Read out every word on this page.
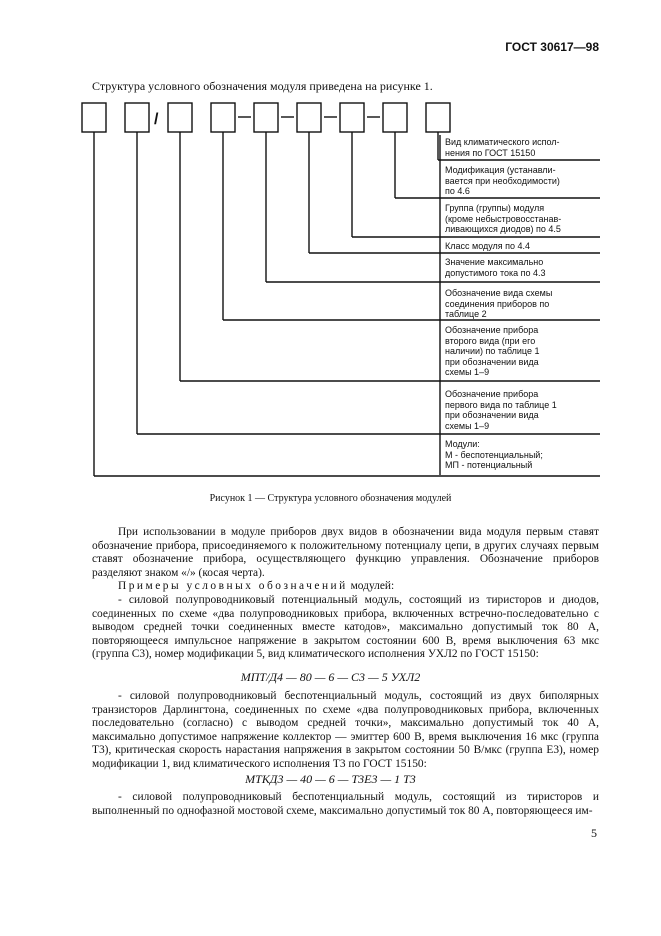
ГОСТ 30617—98
Структура условного обозначения модуля приведена на рисунке 1.
/
Вид климатического испол-
нения по ГОСТ 15150
Модификация (устанавли-
вается при необходимости)
по 4.6
Группа (группы) модуля
(кроме небыстровосстанав-
ливающихся диодов) по 4.5
Класс модуля по 4.4
Значение максимально
допустимого тока по 4.3
Обозначение вида схемы
соединения приборов по
таблице 2
Обозначение прибора
второго вида (при его
наличии) по таблице 1
при обозначении вида
схемы 1–9
Обозначение прибора
первого вида по таблице 1
при обозначении вида
схемы 1–9
Модули:
М - беспотенциальный;
МП - потенциальный
Рисунок 1 — Структура условного обозначения модулей

При использовании в модуле приборов двух видов в обозначении вида модуля первым ставят обозначение прибора, присоединяемого к положительному потенциалу цепи, в других случаях первым ставят обозначение прибора, осуществляющего функцию управления. Обозначение приборов разделяют знаком «/» (косая черта).

Примеры условных обозначений модулей:

- силовой полупроводниковый потенциальный модуль, состоящий из тиристоров и диодов, соединенных по схеме «два полупроводниковых прибора, включенных встречно-последовательно с выводом средней точки соединенных вместе катодов», максимально допустимый ток 80 А, повторяющееся импульсное напряжение в закрытом состоянии 600 В, время выключения 63 мкс (группа С3), номер модификации 5, вид климатического исполнения УХЛ2 по ГОСТ 15150:

МПТ/Д4 — 80 — 6 — С3 — 5 УХЛ2

- силовой полупроводниковый беспотенциальный модуль, состоящий из двух биполярных транзисторов Дарлингтона, соединенных по схеме «два полупроводниковых прибора, включенных последовательно (согласно) с выводом средней точки», максимально допустимый ток 40 А, максимально допустимое напряжение коллектор — эмиттер 600 В, время выключения 16 мкс (группа Т3), критическая скорость нарастания напряжения в закрытом состоянии 50 В/мкс (группа Е3), номер модификации 1, вид климатического исполнения Т3 по ГОСТ 15150:

МТКД3 — 40 — 6 — Т3Е3 — 1 Т3

- силовой полупроводниковый беспотенциальный модуль, состоящий из тиристоров и выполненный по однофазной мостовой схеме, максимально допустимый ток 80 А, повторяющееся им-

5
